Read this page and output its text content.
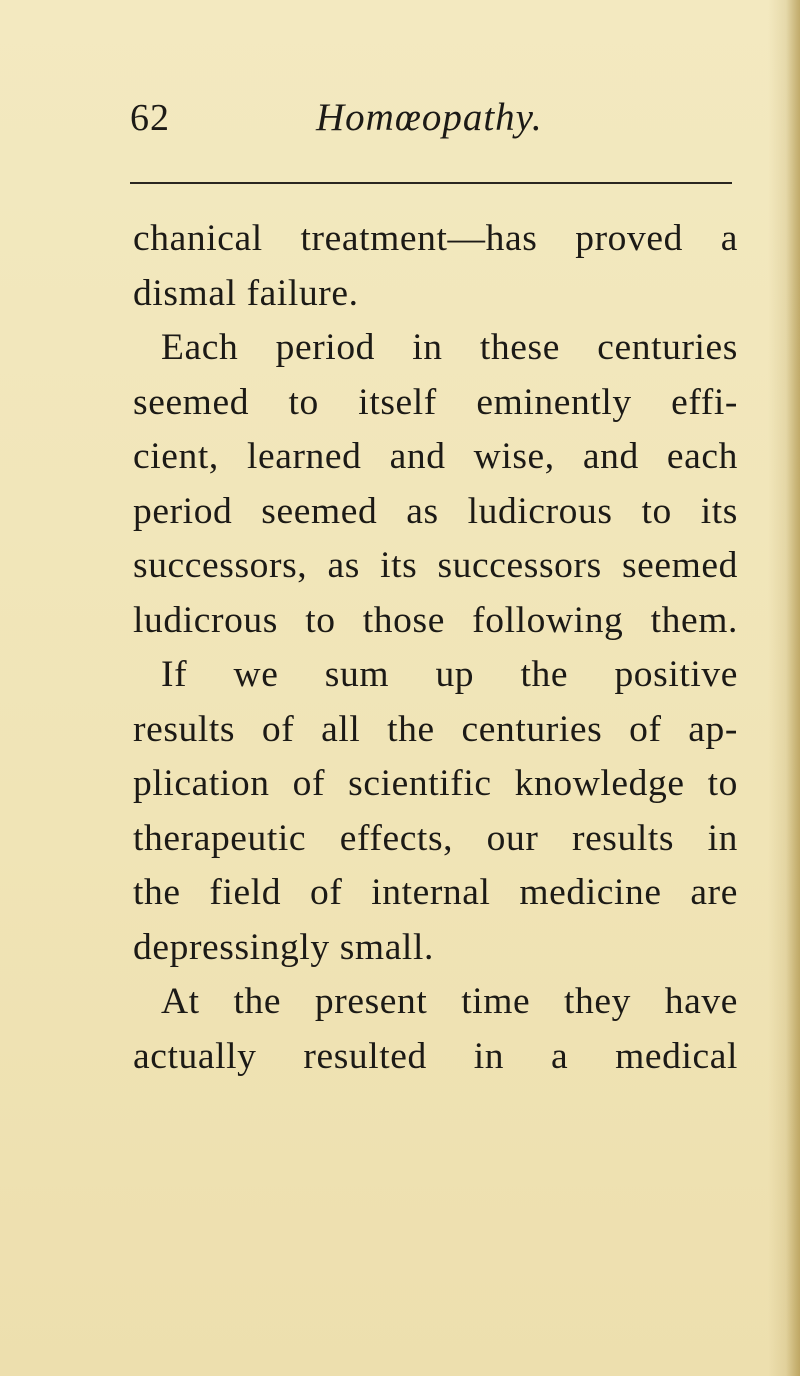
62	Homœopathy.
chanical treatment—has proved a
dismal failure.
Each period in these centuries
seemed to itself eminently effi-
cient, learned and wise, and each
period seemed as ludicrous to its
successors, as its successors seemed
ludicrous to those following them.
If we sum up the positive
results of all the centuries of ap-
plication of scientific knowledge to
therapeutic effects, our results in
the field of internal medicine are
depressingly small.
At the present time they have
actually resulted in a medical
